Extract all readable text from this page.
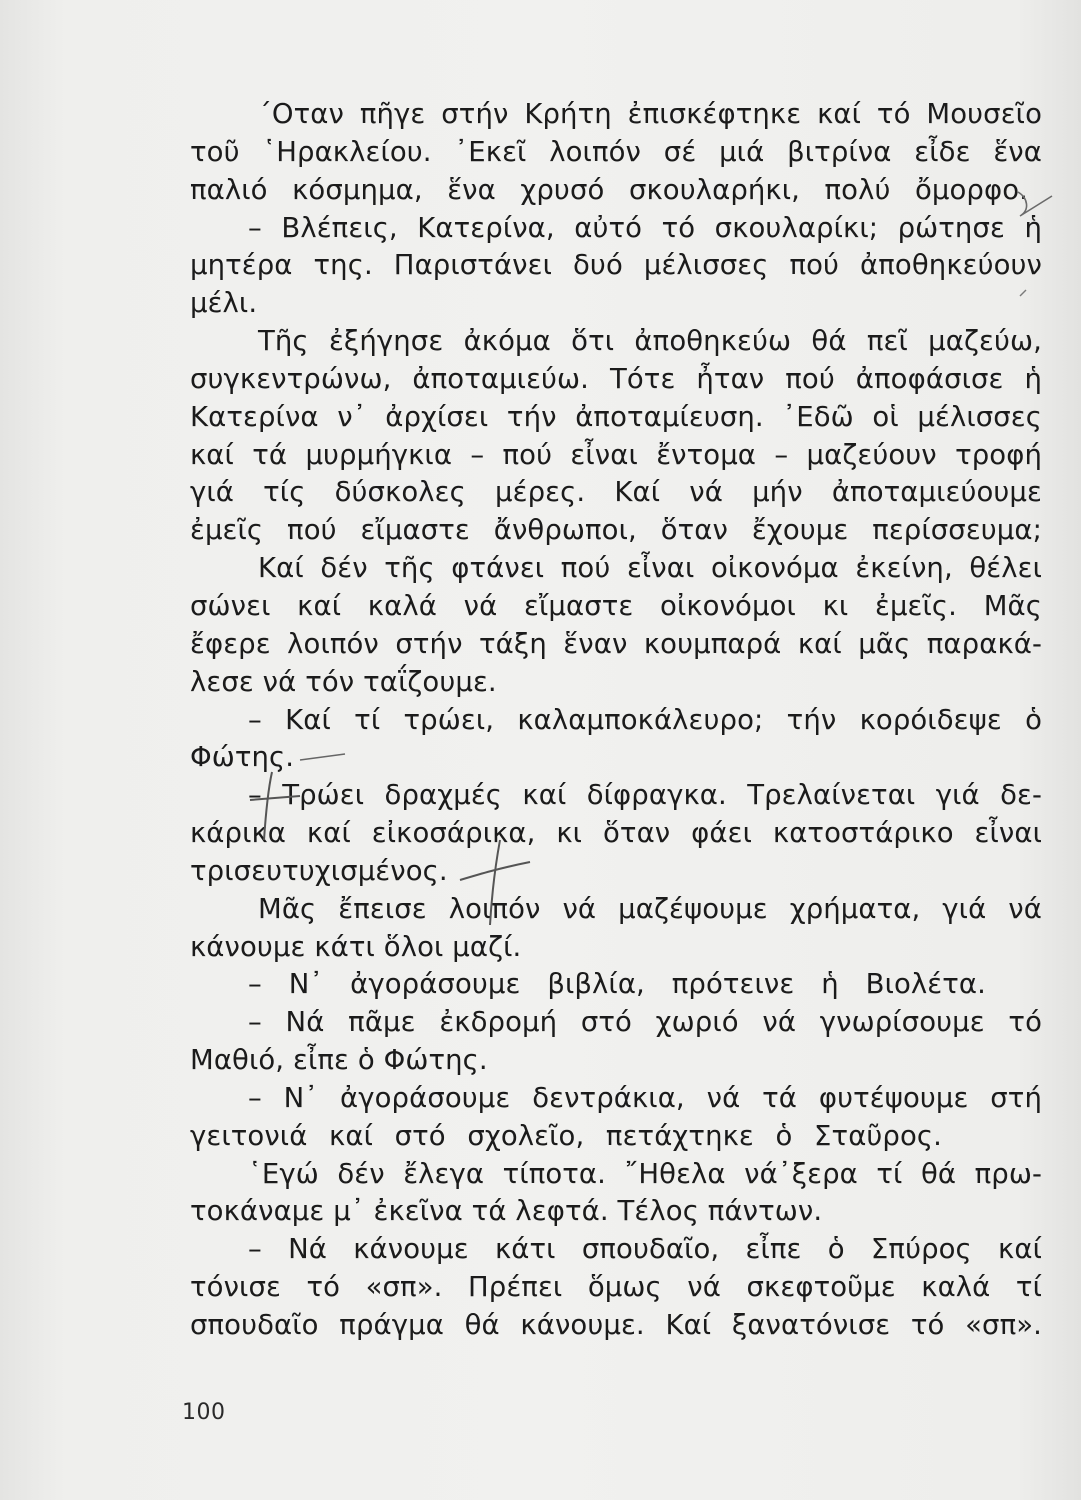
΄Οταν πῆγε στήν Κρήτη ἐπισκέφτηκε καί τό Μουσεῖο
τοῦ ῾Ηρακλείου. ᾿Εκεῖ λοιπόν σέ μιά βιτρίνα εἶδε ἕνα
παλιό κόσμημα, ἕνα χρυσό σκουλαρήκι, πολύ ὄμορφο.
– Βλέπεις, Κατερίνα, αὐτό τό σκουλαρίκι; ρώτησε ἡ
μητέρα της. Παριστάνει δυό μέλισσες πού ἀποθηκεύουν
μέλι.
Τῆς ἐξήγησε ἀκόμα ὅτι ἀποθηκεύω θά πεῖ μαζεύω,
συγκεντρώνω, ἀποταμιεύω. Τότε ἦταν πού ἀποφάσισε ἡ
Κατερίνα ν᾿ ἀρχίσει τήν ἀποταμίευση. ᾿Εδῶ οἱ μέλισσες
καί τά μυρμήγκια – πού εἶναι ἔντομα – μαζεύουν τροφή
γιά τίς δύσκολες μέρες. Καί νά μήν ἀποταμιεύουμε
ἐμεῖς πού εἴμαστε ἄνθρωποι, ὅταν ἔχουμε περίσσευμα;
Καί δέν τῆς φτάνει πού εἶναι οἰκονόμα ἐκείνη, θέλει
σώνει καί καλά νά εἴμαστε οἰκονόμοι κι ἐμεῖς. Μᾶς
ἔφερε λοιπόν στήν τάξη ἕναν κουμπαρά καί μᾶς παρακά-
λεσε νά τόν ταΐζουμε.
– Καί τί τρώει, καλαμποκάλευρο; τήν κορόιδεψε ὁ
Φώτης.
– Τρώει δραχμές καί δίφραγκα. Τρελαίνεται γιά δε-
κάρικα καί εἰκοσάρικα, κι ὅταν φάει κατοστάρικο εἶναι
τρισευτυχισμένος.
Μᾶς ἔπεισε λοιπόν νά μαζέψουμε χρήματα, γιά νά
κάνουμε κάτι ὅλοι μαζί.
– Ν᾿ ἀγοράσουμε βιβλία, πρότεινε ἡ Βιολέτα.
– Νά πᾶμε ἐκδρομή στό χωριό νά γνωρίσουμε τό
Μαθιό, εἶπε ὁ Φώτης.
– Ν᾿ ἀγοράσουμε δεντράκια, νά τά φυτέψουμε στή
γειτονιά καί στό σχολεῖο, πετάχτηκε ὁ Σταῦρος.
῾Εγώ δέν ἔλεγα τίποτα. ῎Ηθελα νά᾿ξερα τί θά πρω-
τοκάναμε μ᾿ ἐκεῖνα τά λεφτά. Τέλος πάντων.
– Νά κάνουμε κάτι σπουδαῖο, εἶπε ὁ Σπύρος καί
τόνισε τό «σπ». Πρέπει ὅμως νά σκεφτοῦμε καλά τί
σπουδαῖο πράγμα θά κάνουμε. Καί ξανατόνισε τό «σπ».
100
